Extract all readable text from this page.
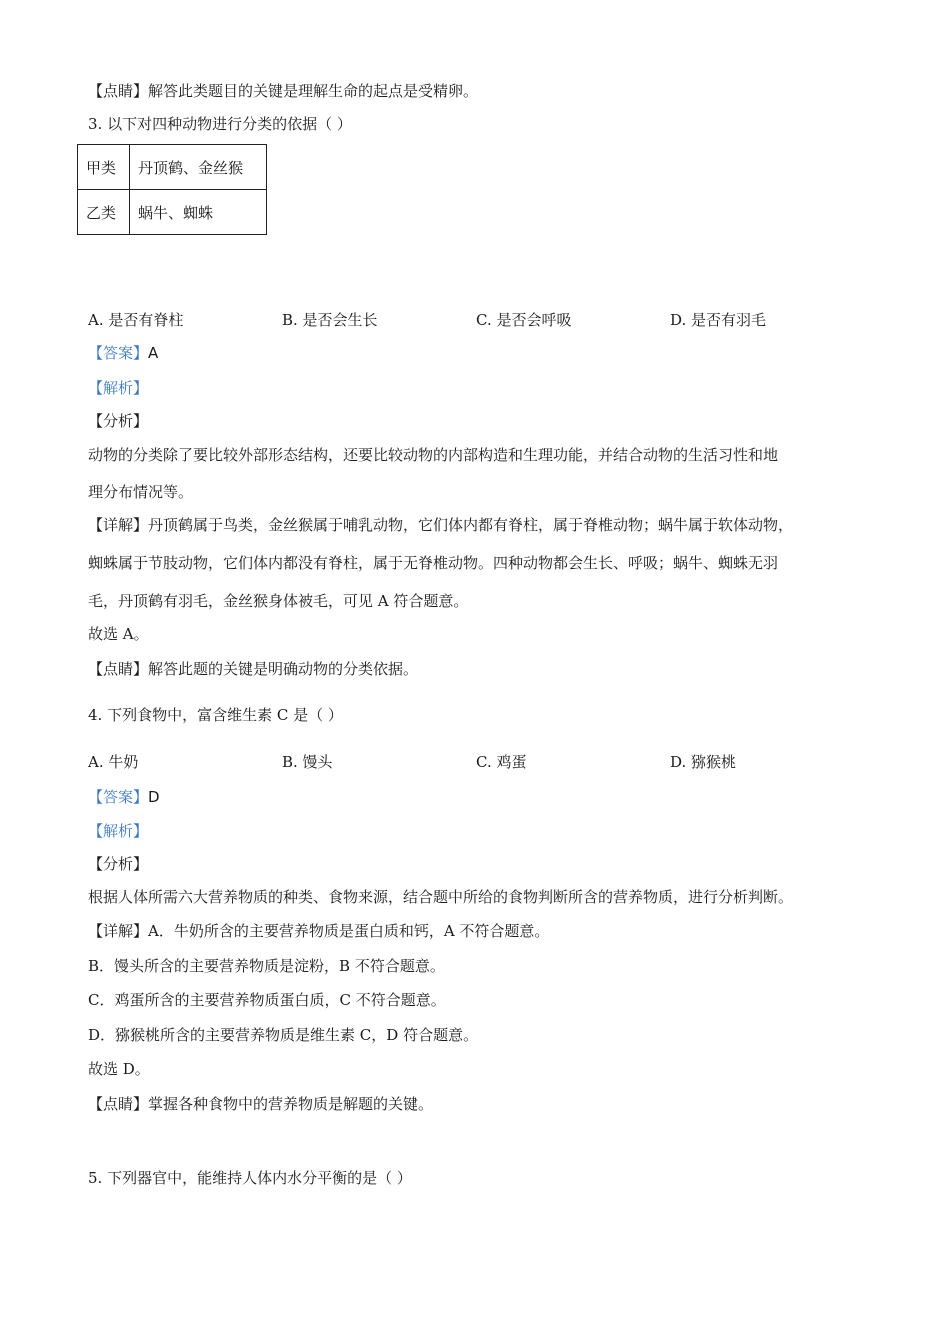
【点睛】解答此类题目的关键是理解生命的起点是受精卵。
3. 以下对四种动物进行分类的依据（ ）
甲类	丹顶鹤、金丝猴
乙类	蜗牛、蜘蛛
A. 是否有脊柱	B. 是否会生长	C. 是否会呼吸	D. 是否有羽毛
【答案】A
【解析】
【分析】
动物的分类除了要比较外部形态结构，还要比较动物的内部构造和生理功能，并结合动物的生活习性和地
理分布情况等。
【详解】丹顶鹤属于鸟类，金丝猴属于哺乳动物，它们体内都有脊柱，属于脊椎动物；蜗牛属于软体动物，
蜘蛛属于节肢动物，它们体内都没有脊柱，属于无脊椎动物。四种动物都会生长、呼吸；蜗牛、蜘蛛无羽
毛，丹顶鹤有羽毛，金丝猴身体被毛，可见 A 符合题意。
故选 A。
【点睛】解答此题的关键是明确动物的分类依据。
4. 下列食物中，富含维生素 C 是（ ）
A. 牛奶	B. 馒头	C. 鸡蛋	D. 猕猴桃
【答案】D
【解析】
【分析】
根据人体所需六大营养物质的种类、食物来源，结合题中所给的食物判断所含的营养物质，进行分析判断。
【详解】A．牛奶所含的主要营养物质是蛋白质和钙，A 不符合题意。
B．馒头所含的主要营养物质是淀粉，B 不符合题意。
C．鸡蛋所含的主要营养物质蛋白质，C 不符合题意。
D．猕猴桃所含的主要营养物质是维生素 C，D 符合题意。
故选 D。
【点睛】掌握各种食物中的营养物质是解题的关键。
5. 下列器官中，能维持人体内水分平衡的是（ ）
